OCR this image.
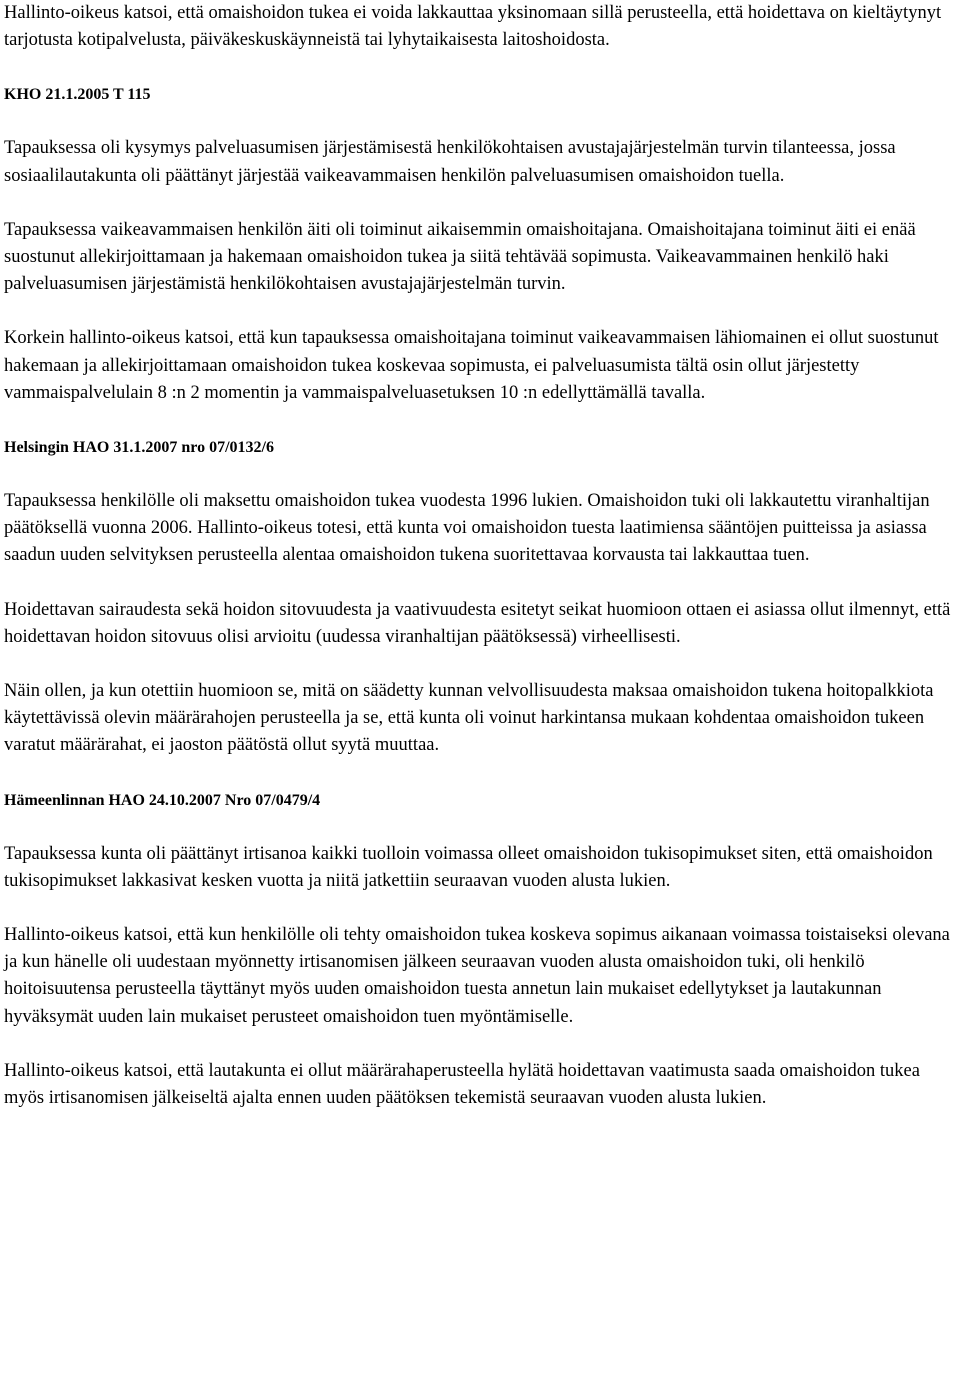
Hallinto-oikeus katsoi, että omaishoidon tukea ei voida lakkauttaa yksinomaan sillä perusteella, että hoidettava on kieltäytynyt tarjotusta kotipalvelusta, päiväkeskuskäynneistä tai lyhytaikaisesta laitoshoidosta.

KHO 21.1.2005 T 115

Tapauksessa oli kysymys palveluasumisen järjestämisestä henkilökohtaisen avustajajärjestelmän turvin tilanteessa, jossa sosiaalilautakunta oli päättänyt järjestää vaikeavammaisen henkilön palveluasumisen omaishoidon tuella.

Tapauksessa vaikeavammaisen henkilön äiti oli toiminut aikaisemmin omaishoitajana. Omaishoitajana toiminut äiti ei enää suostunut allekirjoittamaan ja hakemaan omaishoidon tukea ja siitä tehtävää sopimusta. Vaikeavammainen henkilö haki palveluasumisen järjestämistä henkilökohtaisen avustajajärjestelmän turvin.

Korkein hallinto-oikeus katsoi, että kun tapauksessa omaishoitajana toiminut vaikeavammaisen lähiomainen ei ollut suostunut hakemaan ja allekirjoittamaan omaishoidon tukea koskevaa sopimusta, ei palveluasumista tältä osin ollut järjestetty vammaispalvelulain 8 :n 2 momentin ja vammaispalveluasetuksen 10 :n edellyttämällä tavalla.

Helsingin HAO 31.1.2007 nro 07/0132/6

Tapauksessa henkilölle oli maksettu omaishoidon tukea vuodesta 1996 lukien. Omaishoidon tuki oli lakkautettu viranhaltijan päätöksellä vuonna 2006. Hallinto-oikeus totesi, että kunta voi omaishoidon tuesta laatimiensa sääntöjen puitteissa ja asiassa saadun uuden selvityksen perusteella alentaa omaishoidon tukena suoritettavaa korvausta tai lakkauttaa tuen.

Hoidettavan sairaudesta sekä hoidon sitovuudesta ja vaativuudesta esitetyt seikat huomioon ottaen ei asiassa ollut ilmennyt, että hoidettavan hoidon sitovuus olisi arvioitu (uudessa viranhaltijan päätöksessä) virheellisesti.

Näin ollen, ja kun otettiin huomioon se, mitä on säädetty kunnan velvollisuudesta maksaa omaishoidon tukena hoitopalkkiota käytettävissä olevin määrärahojen perusteella ja se, että kunta oli voinut harkintansa mukaan kohdentaa omaishoidon tukeen varatut määrärahat, ei jaoston päätöstä ollut syytä muuttaa.

Hämeenlinnan HAO 24.10.2007 Nro 07/0479/4

Tapauksessa kunta oli päättänyt irtisanoa kaikki tuolloin voimassa olleet omaishoidon tukisopimukset siten, että omaishoidon tukisopimukset lakkasivat kesken vuotta ja niitä jatkettiin seuraavan vuoden alusta lukien.

Hallinto-oikeus katsoi, että kun henkilölle oli tehty omaishoidon tukea koskeva sopimus aikanaan voimassa toistaiseksi olevana ja kun hänelle oli uudestaan myönnetty irtisanomisen jälkeen seuraavan vuoden alusta omaishoidon tuki, oli henkilö hoitoisuutensa perusteella täyttänyt myös uuden omaishoidon tuesta annetun lain mukaiset edellytykset ja lautakunnan hyväksymät uuden lain mukaiset perusteet omaishoidon tuen myöntämiselle.

Hallinto-oikeus katsoi, että lautakunta ei ollut määrärahaperusteella hylätä hoidettavan vaatimusta saada omaishoidon tukea myös irtisanomisen jälkeiseltä ajalta ennen uuden päätöksen tekemistä seuraavan vuoden alusta lukien.
